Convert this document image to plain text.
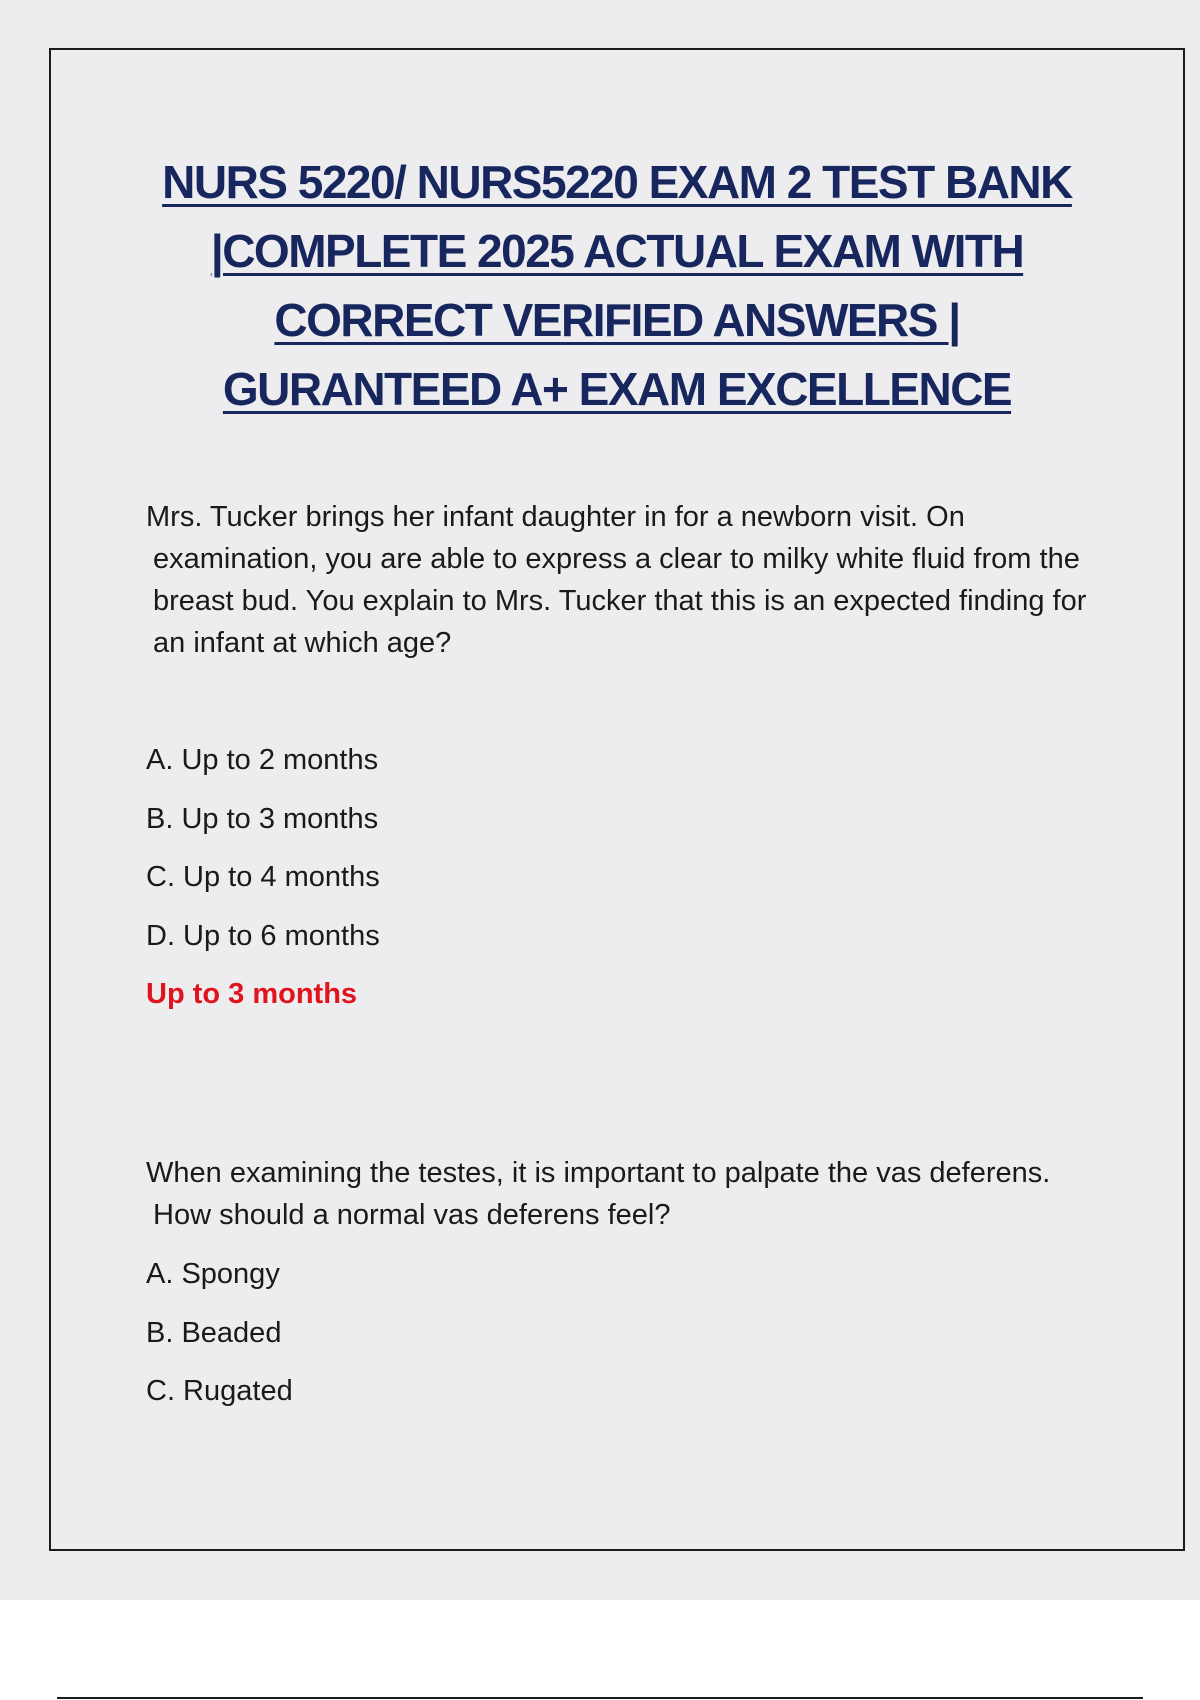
NURS 5220/ NURS5220 EXAM 2 TEST BANK
|COMPLETE 2025 ACTUAL EXAM WITH
CORRECT VERIFIED ANSWERS |
GURANTEED A+ EXAM EXCELLENCE

Mrs. Tucker brings her infant daughter in for a newborn visit. On examination, you are able to express a clear to milky white fluid from the breast bud. You explain to Mrs. Tucker that this is an expected finding for an infant at which age?

A. Up to 2 months
B. Up to 3 months
C. Up to 4 months
D. Up to 6 months

Up to 3 months

When examining the testes, it is important to palpate the vas deferens. How should a normal vas deferens feel?

A. Spongy
B. Beaded
C. Rugated
